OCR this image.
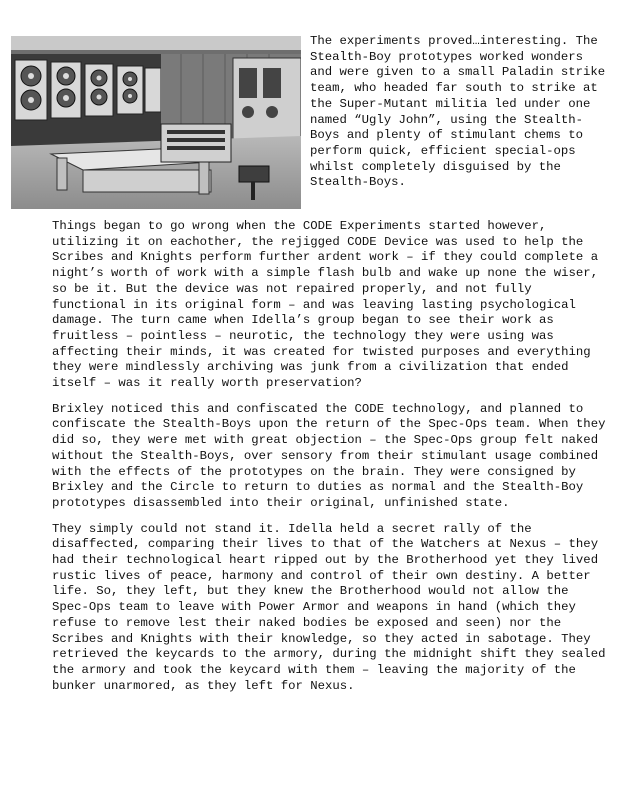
The experiments proved…interesting. The Stealth-Boy prototypes worked wonders and were given to a small Paladin strike team, who headed far south to strike at the Super-Mutant militia led under one named “Ugly John”, using the Stealth-Boys and plenty of stimulant chems to perform quick, efficient special-ops whilst completely disguised by the Stealth-Boys.

Things began to go wrong when the CODE Experiments started however, utilizing it on eachother, the rejigged CODE Device was used to help the Scribes and Knights perform further ardent work – if they could complete a night’s worth of work with a simple flash bulb and wake up none the wiser, so be it. But the device was not repaired properly, and not fully functional in its original form – and was leaving lasting psychological damage. The turn came when Idella’s group began to see their work as fruitless – pointless – neurotic, the technology they were using was affecting their minds, it was created for twisted purposes and everything they were mindlessly archiving was junk from a civilization that ended itself – was it really worth preservation?

Brixley noticed this and confiscated the CODE technology, and planned to confiscate the Stealth-Boys upon the return of the Spec-Ops team. When they did so, they were met with great objection – the Spec-Ops group felt naked without the Stealth-Boys, over sensory from their stimulant usage combined with the effects of the prototypes on the brain. They were consigned by Brixley and the Circle to return to duties as normal and the Stealth-Boy prototypes disassembled into their original, unfinished state.

They simply could not stand it. Idella held a secret rally of the disaffected, comparing their lives to that of the Watchers at Nexus – they had their technological heart ripped out by the Brotherhood yet they lived rustic lives of peace, harmony and control of their own destiny. A better life. So, they left, but they knew the Brotherhood would not allow the Spec-Ops team to leave with Power Armor and weapons in hand (which they refuse to remove lest their naked bodies be exposed and seen) nor the Scribes and Knights with their knowledge, so they acted in sabotage. They retrieved the keycards to the armory, during the midnight shift they sealed the armory and took the keycard with them – leaving the majority of the bunker unarmored, as they left for Nexus.
